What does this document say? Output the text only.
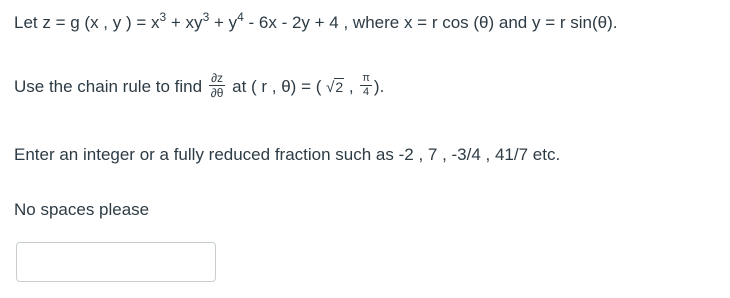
Let z = g (x , y ) = $x^3 + xy^3 + y^4 - 6x - 2y + 4$ , where x = r cos (θ) and y = r sin(θ).
Use the chain rule to find $\frac{\partial z}{\partial\theta}$ at ( r , θ) = ( √2 , $\frac{\pi}{4}$ ).
Enter an integer or a fully reduced fraction such as -2 , 7 , -3/4 , 41/7 etc.
No spaces please
